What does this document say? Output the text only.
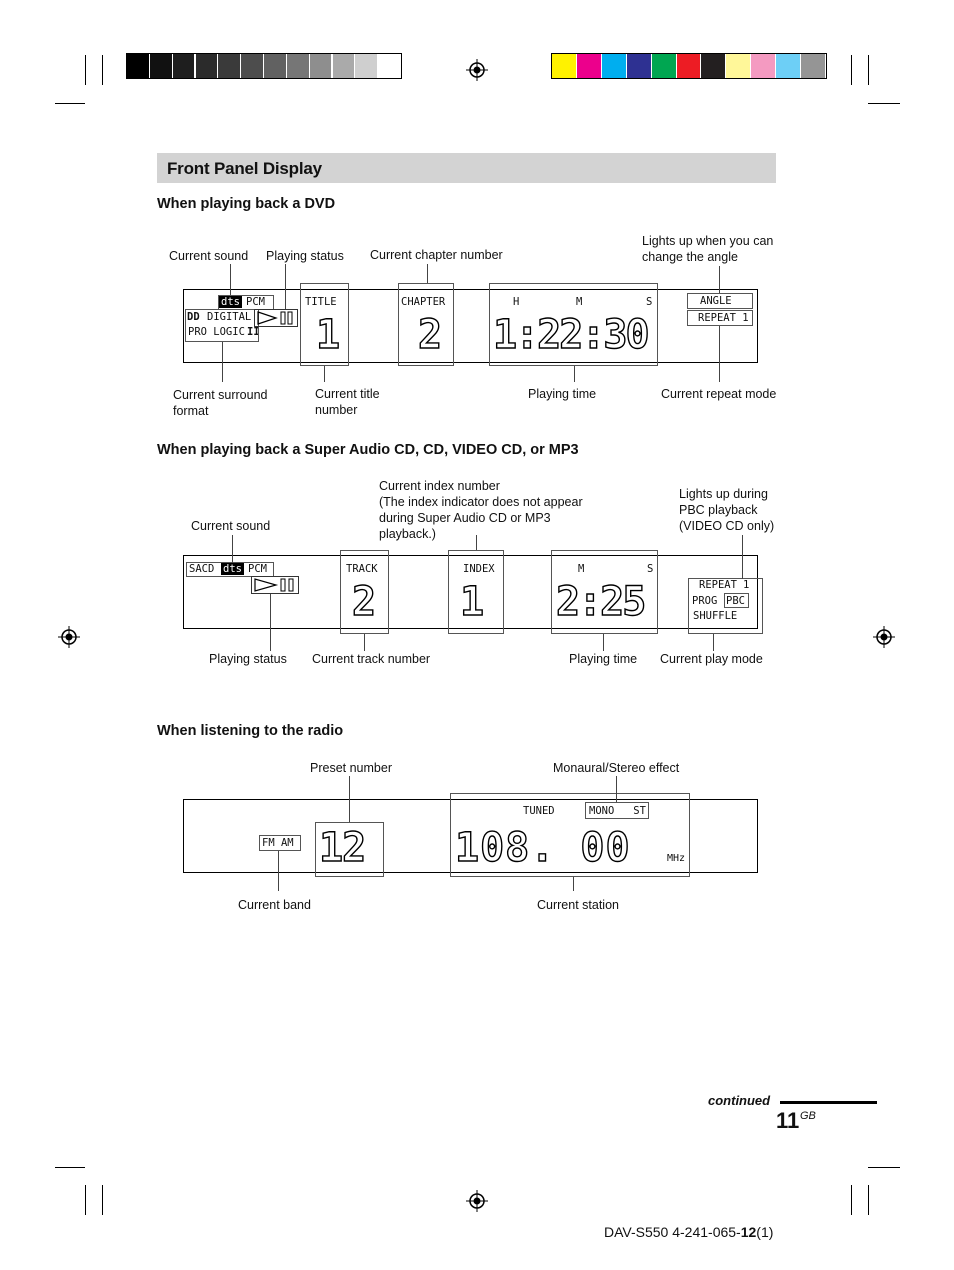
Front Panel Display
When playing back a DVD
Current sound Playing status Current chapter number
Lights up when you can
change the angle
dts PCM
DD DIGITAL
PRO LOGIC II
TITLE
1
CHAPTER
2
H	M	S
1:22:30
ANGLE
REPEAT 1
Current surround
format
Current title
number
Playing time	Current repeat mode
When playing back a Super Audio CD, CD, VIDEO CD, or MP3
Current index number
(The index indicator does not appear
during Super Audio CD or MP3
playback.)
Lights up during
PBC playback
(VIDEO CD only)
Current sound
SACD dts PCM	TRACK
2
INDEX
1
M	S
2:25	REPEAT 1
PROG PBC
SHUFFLE
Playing status Current track number	Playing time Current play mode
When listening to the radio
Preset number	Monaural/Stereo effect
FM AM 12
TUNED	MONO   ST
108. 00	MHz
Current band	Current station
continued
11 GB
DAV-S550 4-241-065-12(1)
